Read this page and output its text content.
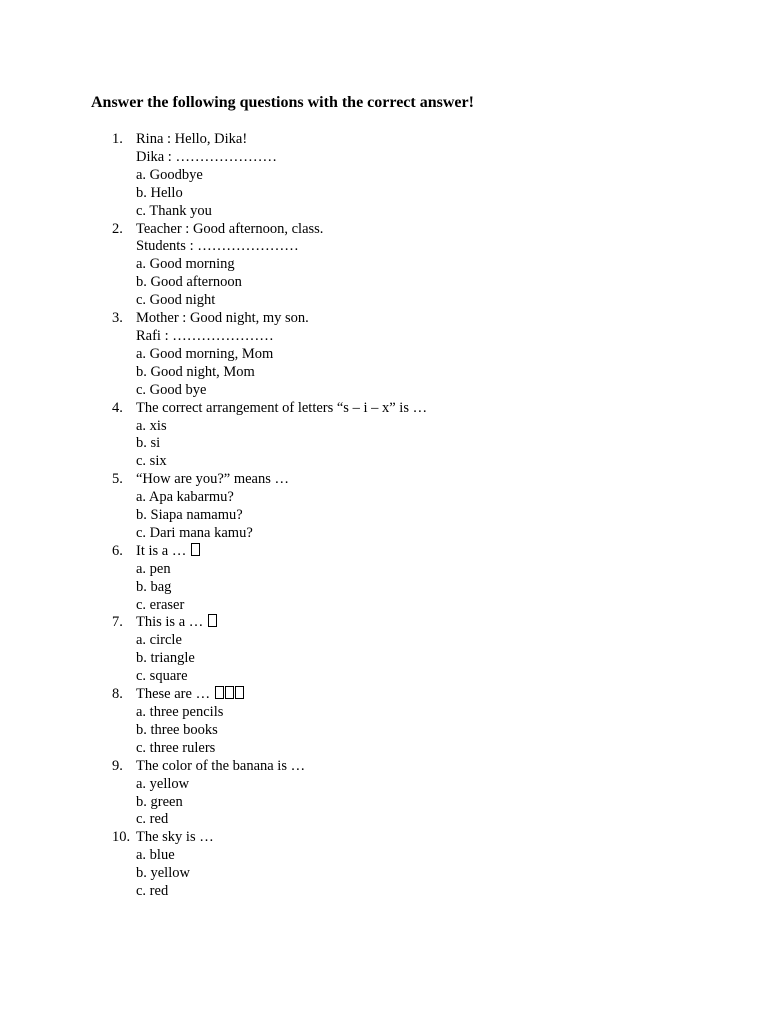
Answer the following questions with the correct answer!
1. Rina : Hello, Dika!
Dika : …………………
a. Goodbye
b. Hello
c. Thank you
2. Teacher : Good afternoon, class.
Students : …………………
a. Good morning
b. Good afternoon
c. Good night
3. Mother : Good night, my son.
Rafi : …………………
a. Good morning, Mom
b. Good night, Mom
c. Good bye
4. The correct arrangement of letters “s – i – x” is …
a. xis
b. si
c. six
5. “How are you?” means …
a. Apa kabarmu?
b. Siapa namamu?
c. Dari mana kamu?
6. It is a …
a. pen
b. bag
c. eraser
7. This is a …
a. circle
b. triangle
c. square
8. These are …
a. three pencils
b. three books
c. three rulers
9. The color of the banana is …
a. yellow
b. green
c. red
10. The sky is …
a. blue
b. yellow
c. red
